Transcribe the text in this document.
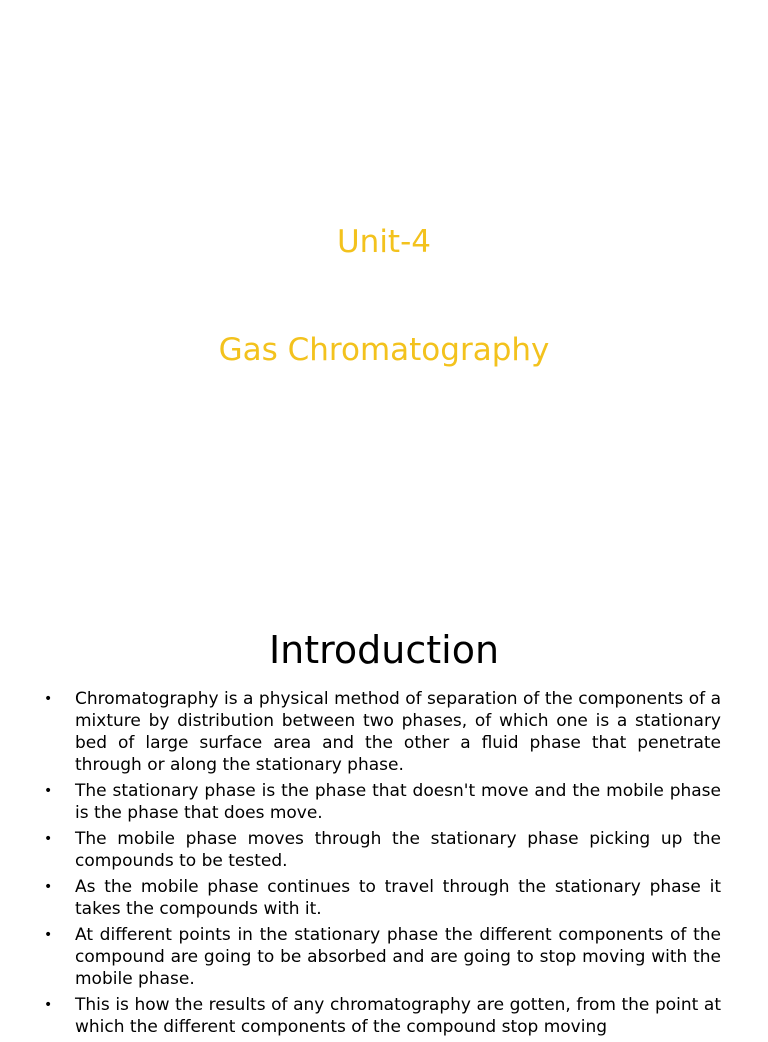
Unit-4
Gas Chromatography
Introduction
• Chromatography is a physical method of separation of the components of a mixture by distribution between two phases, of which one is a stationary bed of large surface area and the other a fluid phase that penetrate through or along the stationary phase.
• The stationary phase is the phase that doesn't move and the mobile phase is the phase that does move.
• The mobile phase moves through the stationary phase picking up the compounds to be tested.
• As the mobile phase continues to travel through the stationary phase it takes the compounds with it.
• At different points in the stationary phase the different components of the compound are going to be absorbed and are going to stop moving with the mobile phase.
• This is how the results of any chromatography are gotten, from the point at which the different components of the compound stop moving
